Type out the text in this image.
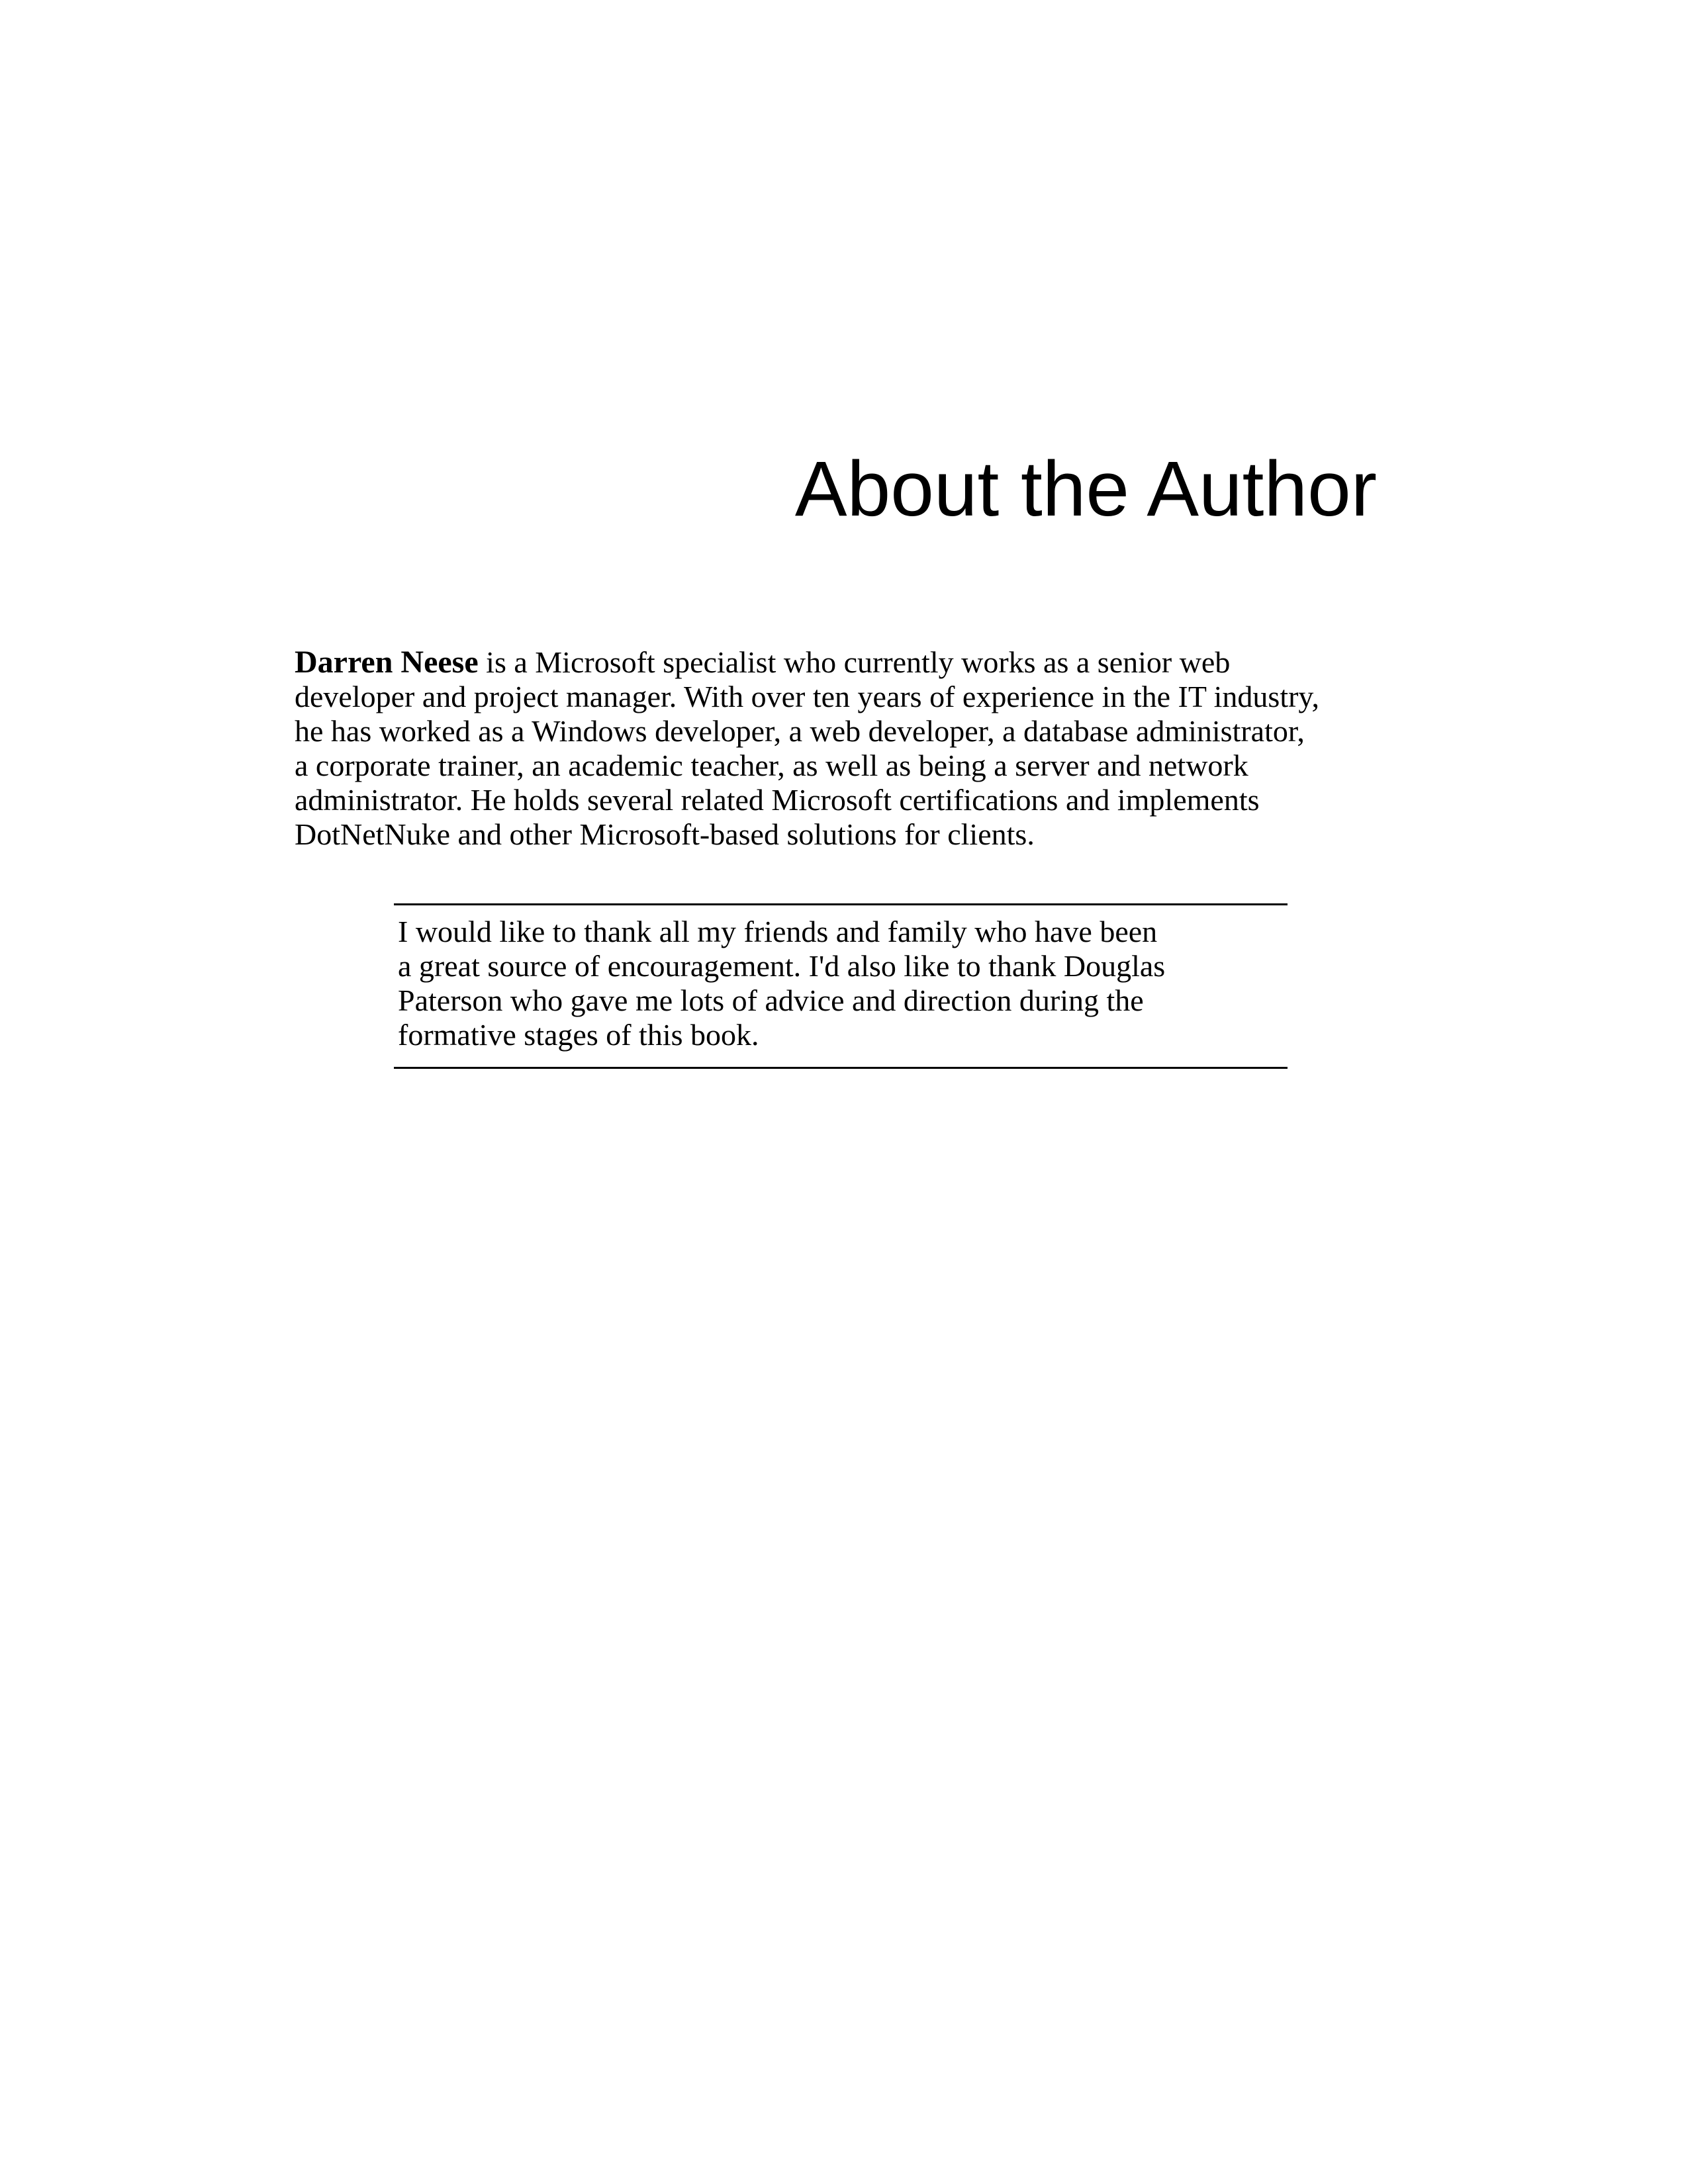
About the Author

Darren Neese is a Microsoft specialist who currently works as a senior web
developer and project manager. With over ten years of experience in the IT industry,
he has worked as a Windows developer, a web developer, a database administrator,
a corporate trainer, an academic teacher, as well as being a server and network
administrator. He holds several related Microsoft certifications and implements
DotNetNuke and other Microsoft-based solutions for clients.

I would like to thank all my friends and family who have been
a great source of encouragement. I'd also like to thank Douglas
Paterson who gave me lots of advice and direction during the
formative stages of this book.
